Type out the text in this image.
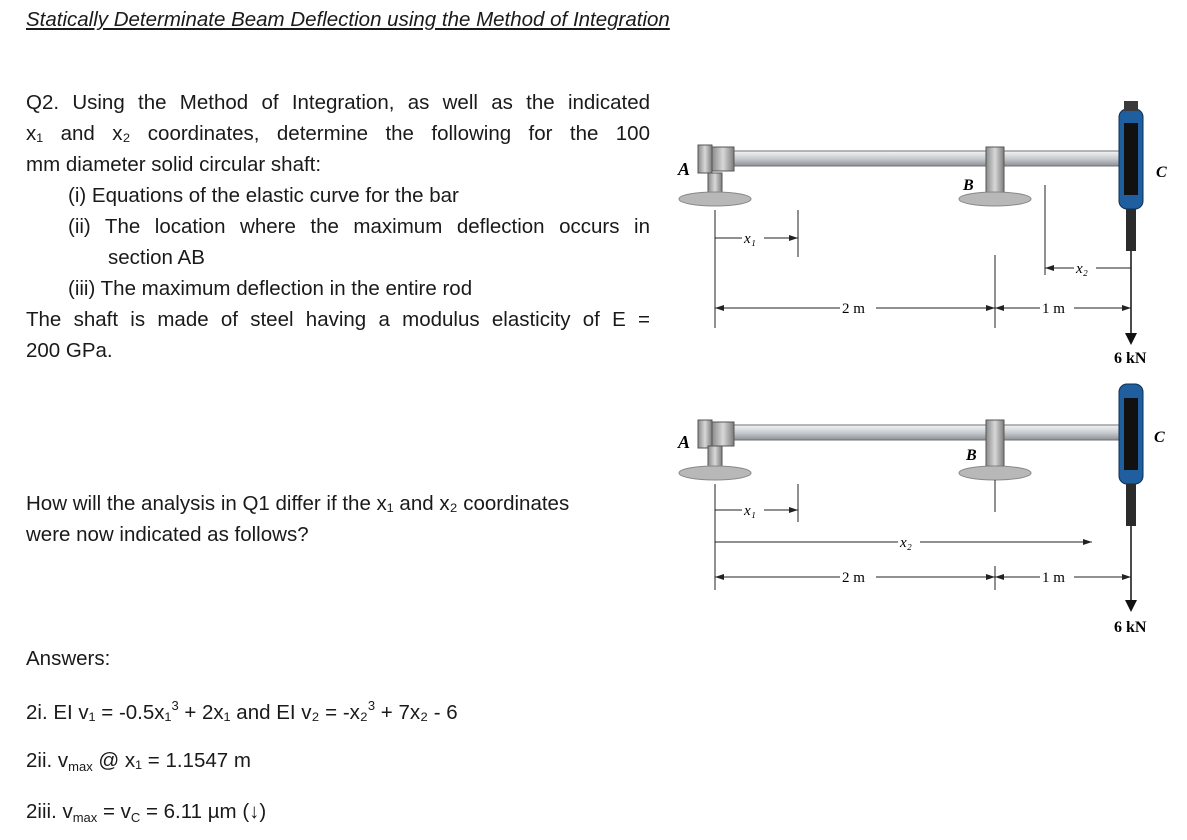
Statically Determinate Beam Deflection using the Method of Integration
Q2. Using the Method of Integration, as well as the indicated
x₁ and x₂ coordinates, determine the following for the 100
mm diameter solid circular shaft:
(i) Equations of the elastic curve for the bar
(ii) The location where the maximum deflection occurs in
section AB
(iii) The maximum deflection in the entire rod
The shaft is made of steel having a modulus elasticity of E =
200 GPa.
How will the analysis in Q1 differ if the x₁ and x₂ coordinates
were now indicated as follows?
Answers:
2i. EI v₁ = -0.5x₁$^3$ + 2x₁ and EI v₂ = -x₂$^3$ + 7x₂ - 6
2ii. $v_{max}$ @ x₁ = 1.1547 m
2iii. $v_{max} = v_C = 6.11$ µm (↓)
A
B
C
x₁
x₂
2 m	1 m
6 kN
A
B
C
x₁
x₂
2 m	1 m
6 kN
